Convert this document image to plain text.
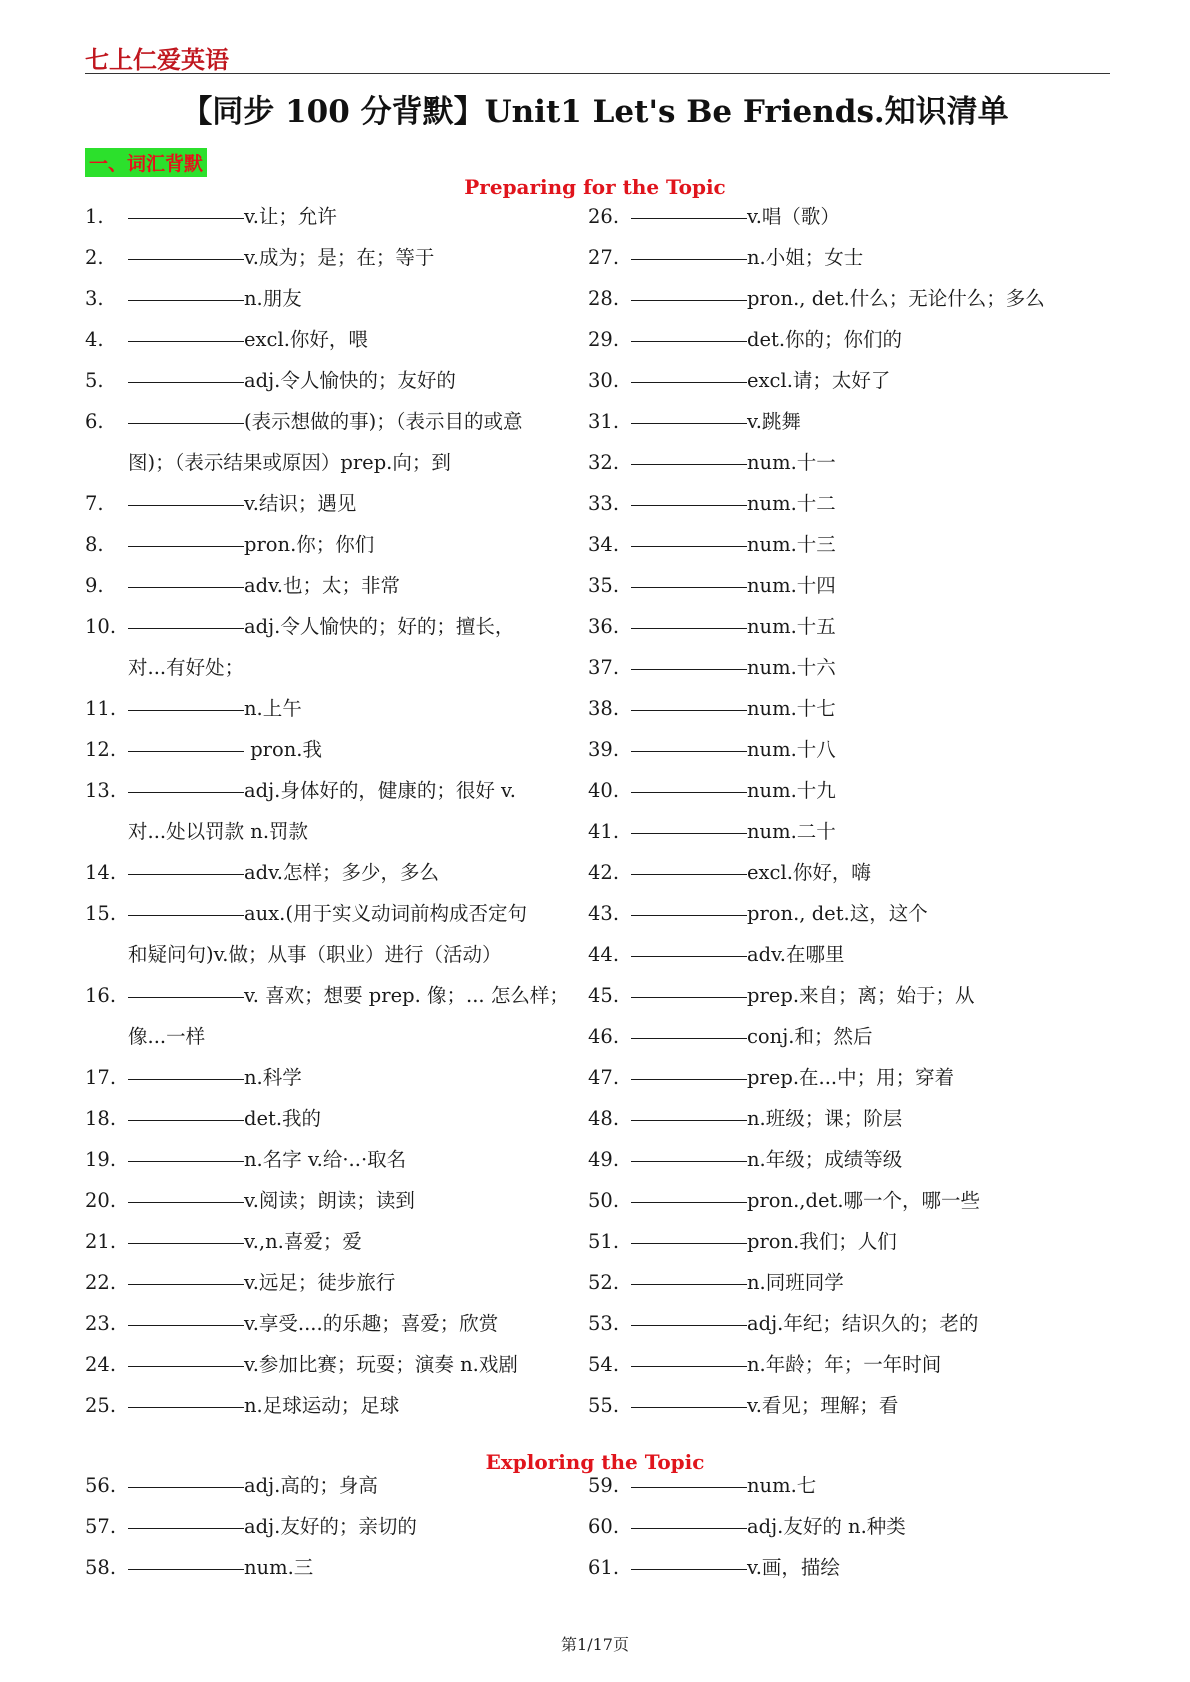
七上仁爱英语
【同步 100 分背默】Unit1 Let's Be Friends.知识清单
一、词汇背默
Preparing for the Topic
Exploring the Topic
1.	v.让；允许
2.	v.成为；是；在；等于
3.	n.朋友
4.	excl.你好，喂
5.	adj.令人愉快的；友好的
6.	(表示想做的事)；（表示目的或意
图)；（表示结果或原因）prep.向；到
7.	v.结识；遇见
8.	pron.你；你们
9.	adv.也；太；非常
10.	adj.令人愉快的；好的；擅长，
对...有好处；
11.	n.上午
12.	pron.我
13.	adj.身体好的，健康的；很好 v.
对...处以罚款 n.罚款
14.	adv.怎样；多少，多么
15.	aux.(用于实义动词前构成否定句
和疑问句)v.做；从事（职业）进行（活动）
16.	v. 喜欢；想要 prep. 像；... 怎么样；
像...一样
17.	n.科学
18.	det.我的
19.	n.名字 v.给·..·取名
20.	v.阅读；朗读；读到
21.	v.,n.喜爱；爱
22.	v.远足；徒步旅行
23.	v.享受....的乐趣；喜爱；欣赏
24.	v.参加比赛；玩耍；演奏 n.戏剧
25.	n.足球运动；足球
26.	v.唱（歌）
27.	n.小姐；女士
28.	pron., det.什么；无论什么；多么
29.	det.你的；你们的
30.	excl.请；太好了
31.	v.跳舞
32.	num.十一
33.	num.十二
34.	num.十三
35.	num.十四
36.	num.十五
37.	num.十六
38.	num.十七
39.	num.十八
40.	num.十九
41.	num.二十
42.	excl.你好，嗨
43.	pron., det.这，这个
44.	adv.在哪里
45.	prep.来自；离；始于；从
46.	conj.和；然后
47.	prep.在...中；用；穿着
48.	n.班级；课；阶层
49.	n.年级；成绩等级
50.	pron.,det.哪一个，哪一些
51.	pron.我们；人们
52.	n.同班同学
53.	adj.年纪；结识久的；老的
54.	n.年龄；年；一年时间
55.	v.看见；理解；看
56.	adj.高的；身高
57.	adj.友好的；亲切的
58.	num.三
59.	num.七
60.	adj.友好的 n.种类
61.	v.画，描绘
第1/17页
